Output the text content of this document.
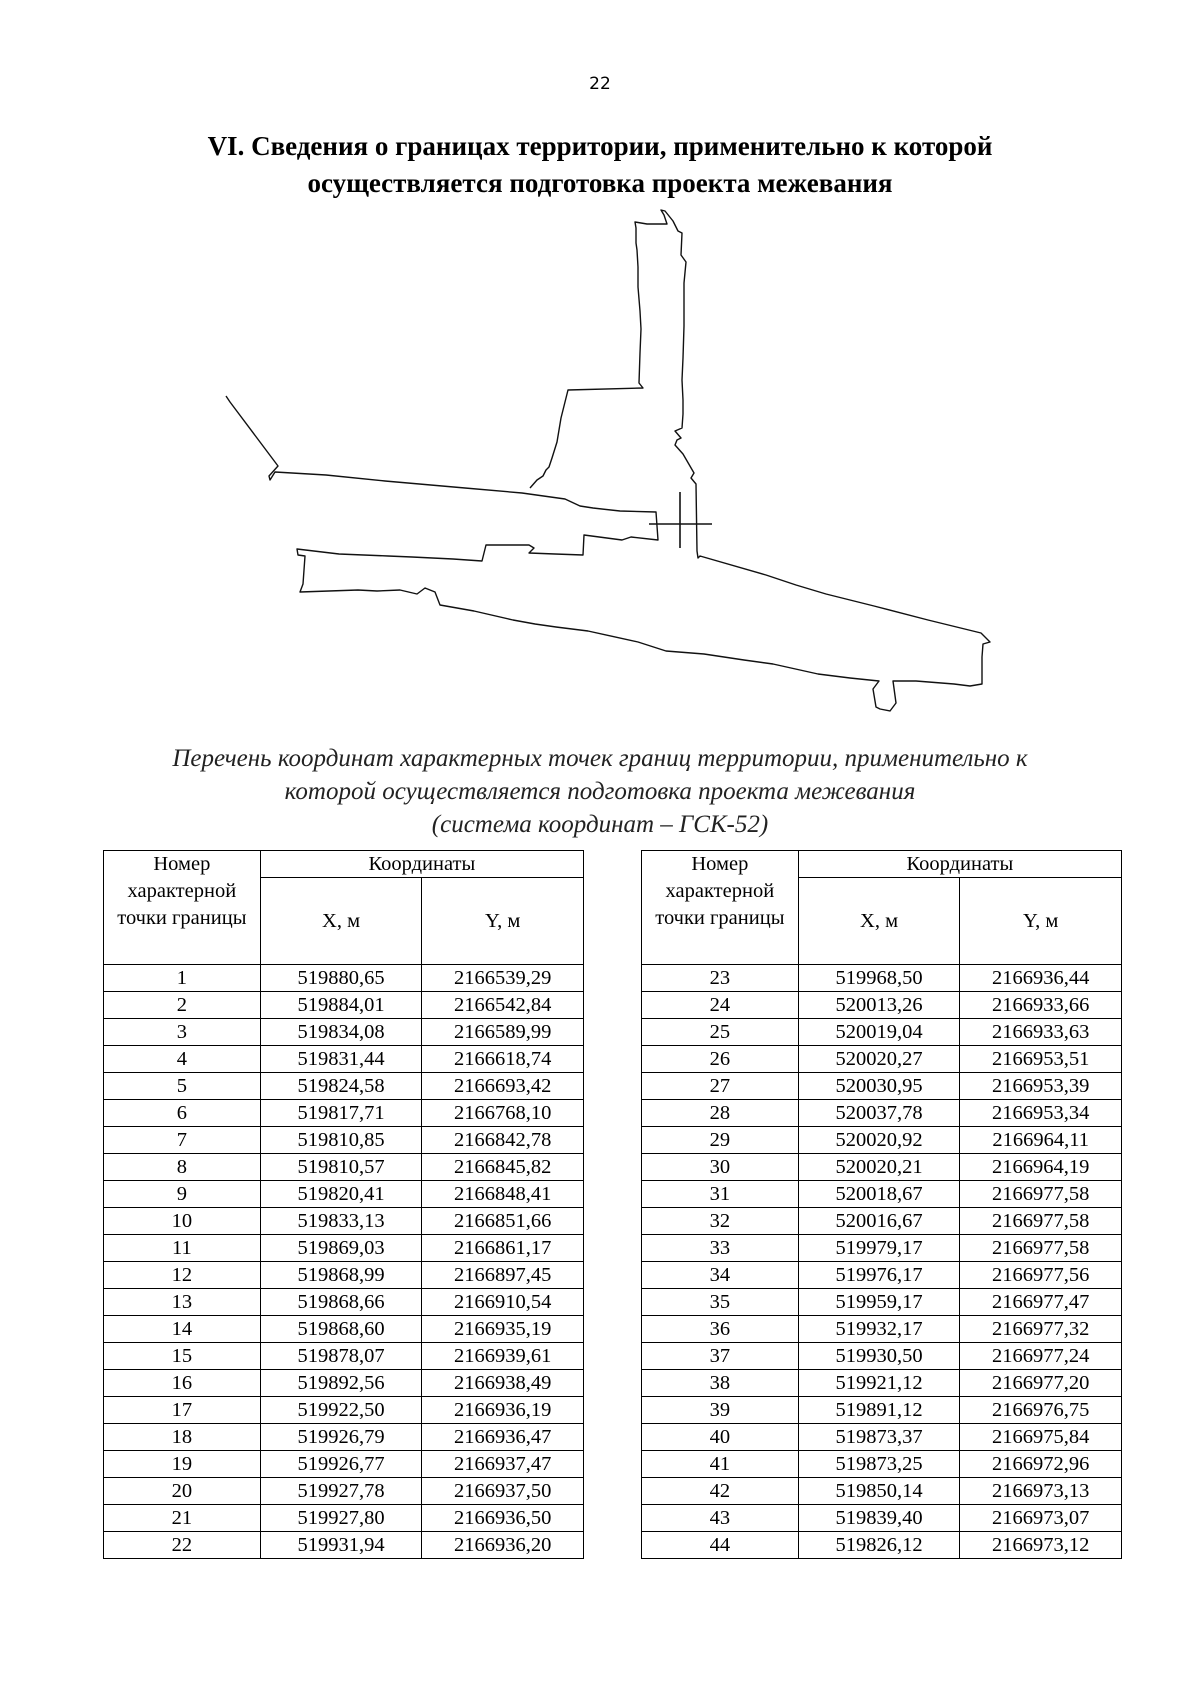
22
VI. Сведения о границах территории, применительно к которой
осуществляется подготовка проекта межевания
Перечень координат характерных точек границ территории, применительно к
которой осуществляется подготовка проекта межевания
(система координат – ГСК-52)
Номер характерной точки границы	Координаты	
	X, м	Y, м
1	519880,65	2166539,29
2	519884,01	2166542,84
3	519834,08	2166589,99
4	519831,44	2166618,74
5	519824,58	2166693,42
6	519817,71	2166768,10
7	519810,85	2166842,78
8	519810,57	2166845,82
9	519820,41	2166848,41
10	519833,13	2166851,66
11	519869,03	2166861,17
12	519868,99	2166897,45
13	519868,66	2166910,54
14	519868,60	2166935,19
15	519878,07	2166939,61
16	519892,56	2166938,49
17	519922,50	2166936,19
18	519926,79	2166936,47
19	519926,77	2166937,47
20	519927,78	2166937,50
21	519927,80	2166936,50
22	519931,94	2166936,20
Номер характерной точки границы	Координаты	
	X, м	Y, м
23	519968,50	2166936,44
24	520013,26	2166933,66
25	520019,04	2166933,63
26	520020,27	2166953,51
27	520030,95	2166953,39
28	520037,78	2166953,34
29	520020,92	2166964,11
30	520020,21	2166964,19
31	520018,67	2166977,58
32	520016,67	2166977,58
33	519979,17	2166977,58
34	519976,17	2166977,56
35	519959,17	2166977,47
36	519932,17	2166977,32
37	519930,50	2166977,24
38	519921,12	2166977,20
39	519891,12	2166976,75
40	519873,37	2166975,84
41	519873,25	2166972,96
42	519850,14	2166973,13
43	519839,40	2166973,07
44	519826,12	2166973,12
